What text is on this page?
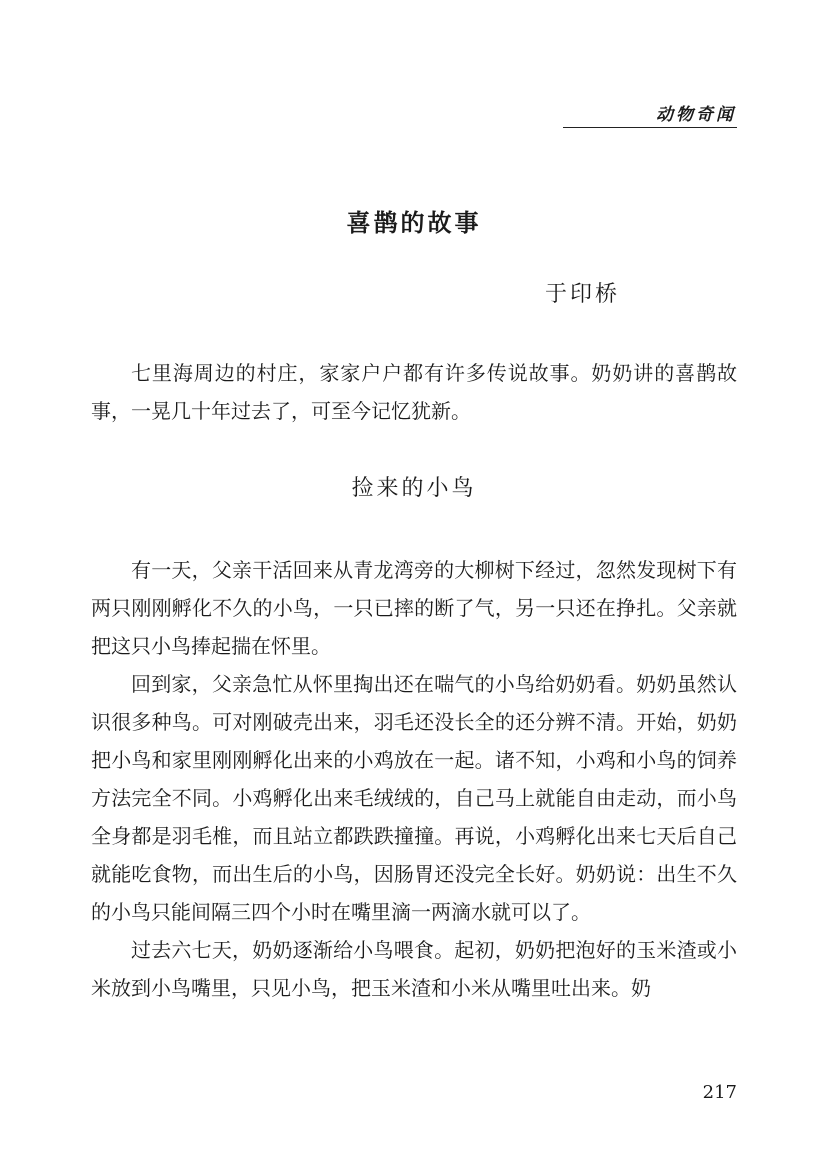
动物奇闻
喜鹊的故事
于印桥

七里海周边的村庄，家家户户都有许多传说故事。奶奶讲的喜鹊故事，一晃几十年过去了，可至今记忆犹新。

捡来的小鸟

有一天，父亲干活回来从青龙湾旁的大柳树下经过，忽然发现树下有两只刚刚孵化不久的小鸟，一只已摔的断了气，另一只还在挣扎。父亲就把这只小鸟捧起揣在怀里。

回到家，父亲急忙从怀里掏出还在喘气的小鸟给奶奶看。奶奶虽然认识很多种鸟。可对刚破壳出来，羽毛还没长全的还分辨不清。开始，奶奶把小鸟和家里刚刚孵化出来的小鸡放在一起。诸不知，小鸡和小鸟的饲养方法完全不同。小鸡孵化出来毛绒绒的，自己马上就能自由走动，而小鸟全身都是羽毛椎，而且站立都跌跌撞撞。再说，小鸡孵化出来七天后自己就能吃食物，而出生后的小鸟，因肠胃还没完全长好。奶奶说：出生不久的小鸟只能间隔三四个小时在嘴里滴一两滴水就可以了。

过去六七天，奶奶逐渐给小鸟喂食。起初，奶奶把泡好的玉米渣或小米放到小鸟嘴里，只见小鸟，把玉米渣和小米从嘴里吐出来。奶

217
